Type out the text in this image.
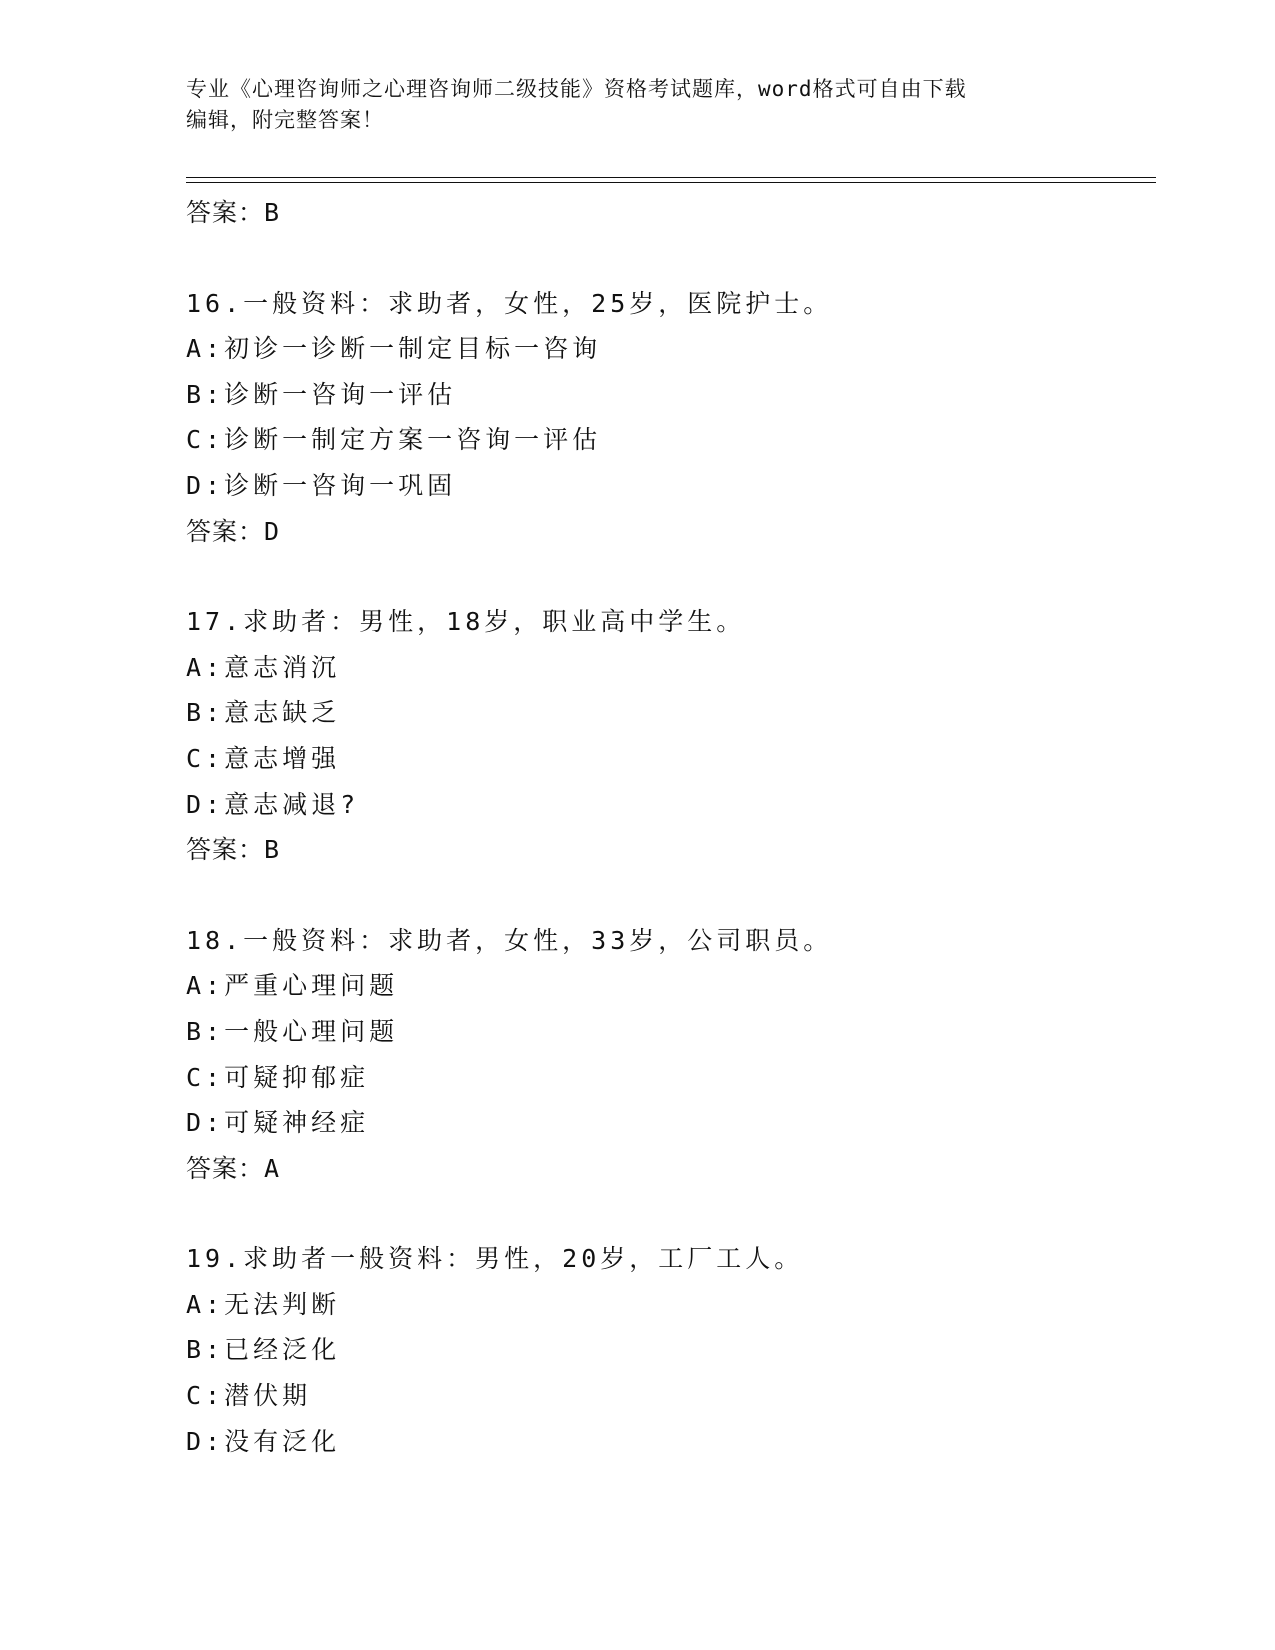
专业《心理咨询师之心理咨询师二级技能》资格考试题库，word格式可自由下载
编辑，附完整答案！
答案：B
16.一般资料：求助者，女性，25岁，医院护士。
A:初诊一诊断一制定目标一咨询
B:诊断一咨询一评估
C:诊断一制定方案一咨询一评估
D:诊断一咨询一巩固
答案：D
17.求助者：男性，18岁，职业高中学生。
A:意志消沉
B:意志缺乏
C:意志增强
D:意志减退?
答案：B
18.一般资料：求助者，女性，33岁，公司职员。
A:严重心理问题
B:一般心理问题
C:可疑抑郁症
D:可疑神经症
答案：A
19.求助者一般资料：男性，20岁，工厂工人。
A:无法判断
B:已经泛化
C:潜伏期
D:没有泛化
